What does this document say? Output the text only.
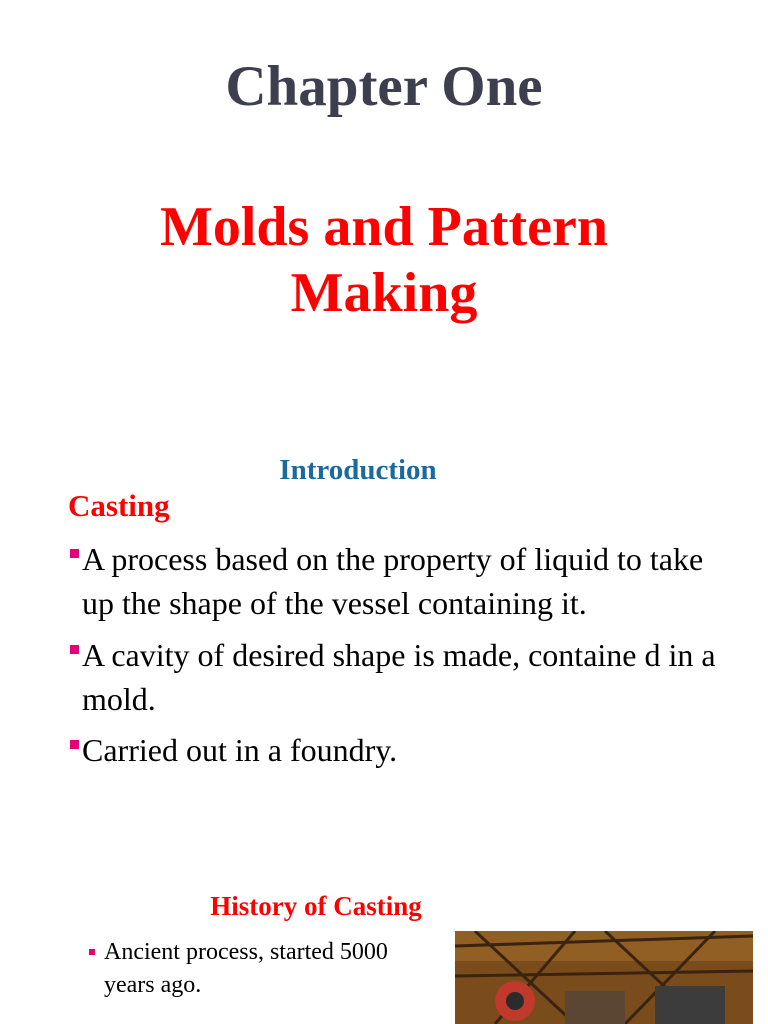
Chapter One
Molds and Pattern
Making
Introduction
Casting
A process based on the property of liquid to take up the shape of the vessel containing it.
A cavity of desired shape is made, containe d in a mold.
Carried out in a foundry.
History of Casting
Ancient process, started 5000 years ago.
